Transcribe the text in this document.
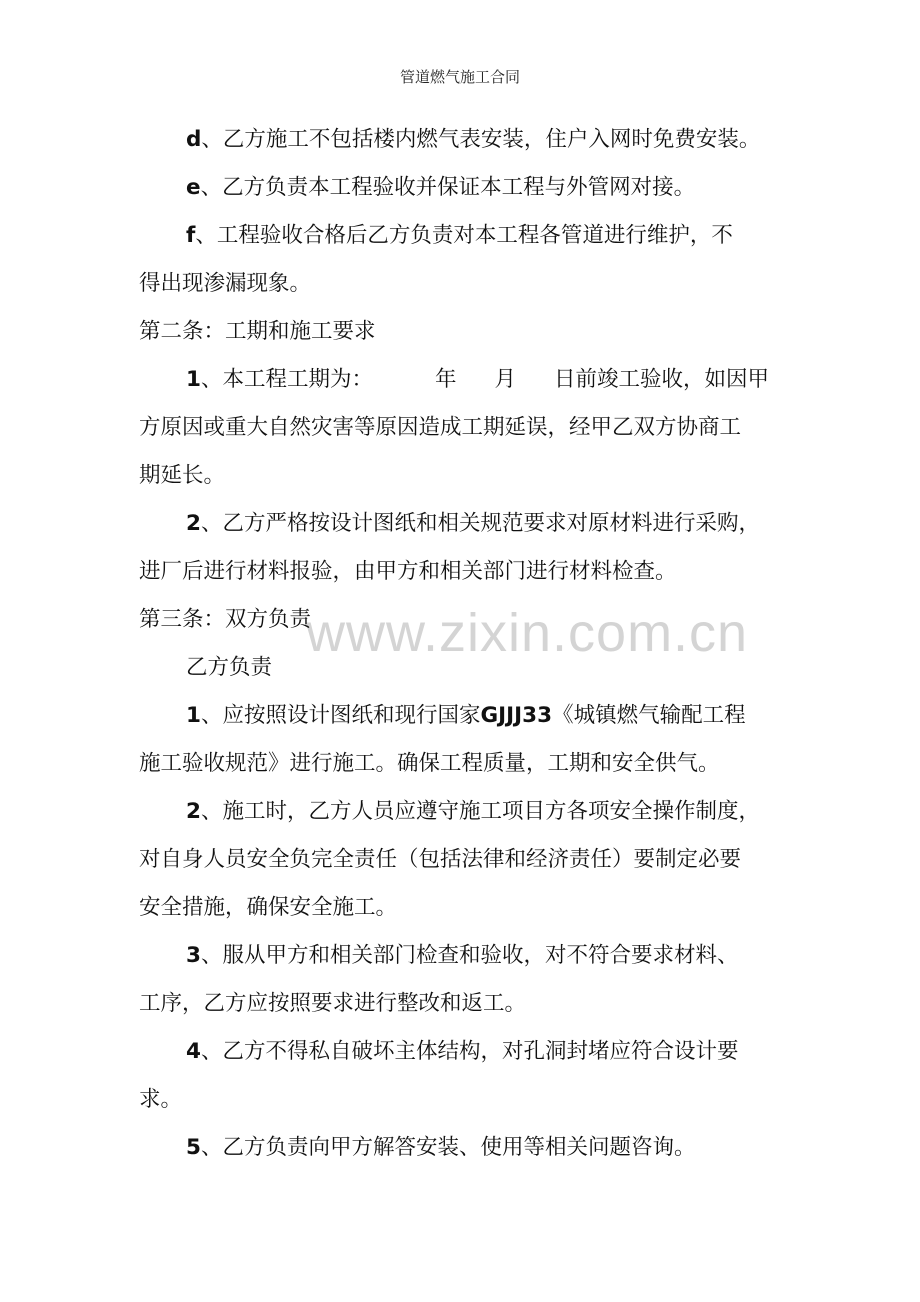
管道燃气施工合同
www.zixin.com.cn

d、乙方施工不包括楼内燃气表安装，住户入网时免费安装。

e、乙方负责本工程验收并保证本工程与外管网对接。

f、工程验收合格后乙方负责对本工程各管道进行维护，不

得出现渗漏现象。

第二条：工期和施工要求

1、本工程工期为：	年 月 日前竣工验收，如因甲

方原因或重大自然灾害等原因造成工期延误，经甲乙双方协商工

期延长。

2、乙方严格按设计图纸和相关规范要求对原材料进行采购，

进厂后进行材料报验，由甲方和相关部门进行材料检查。

第三条：双方负责

乙方负责

1、应按照设计图纸和现行国家GJJJ33《城镇燃气输配工程

施工验收规范》进行施工。确保工程质量，工期和安全供气。

2、施工时，乙方人员应遵守施工项目方各项安全操作制度，

对自身人员安全负完全责任（包括法律和经济责任）要制定必要

安全措施，确保安全施工。

3、服从甲方和相关部门检查和验收，对不符合要求材料、

工序，乙方应按照要求进行整改和返工。

4、乙方不得私自破坏主体结构，对孔洞封堵应符合设计要

求。

5、乙方负责向甲方解答安装、使用等相关问题咨询。
